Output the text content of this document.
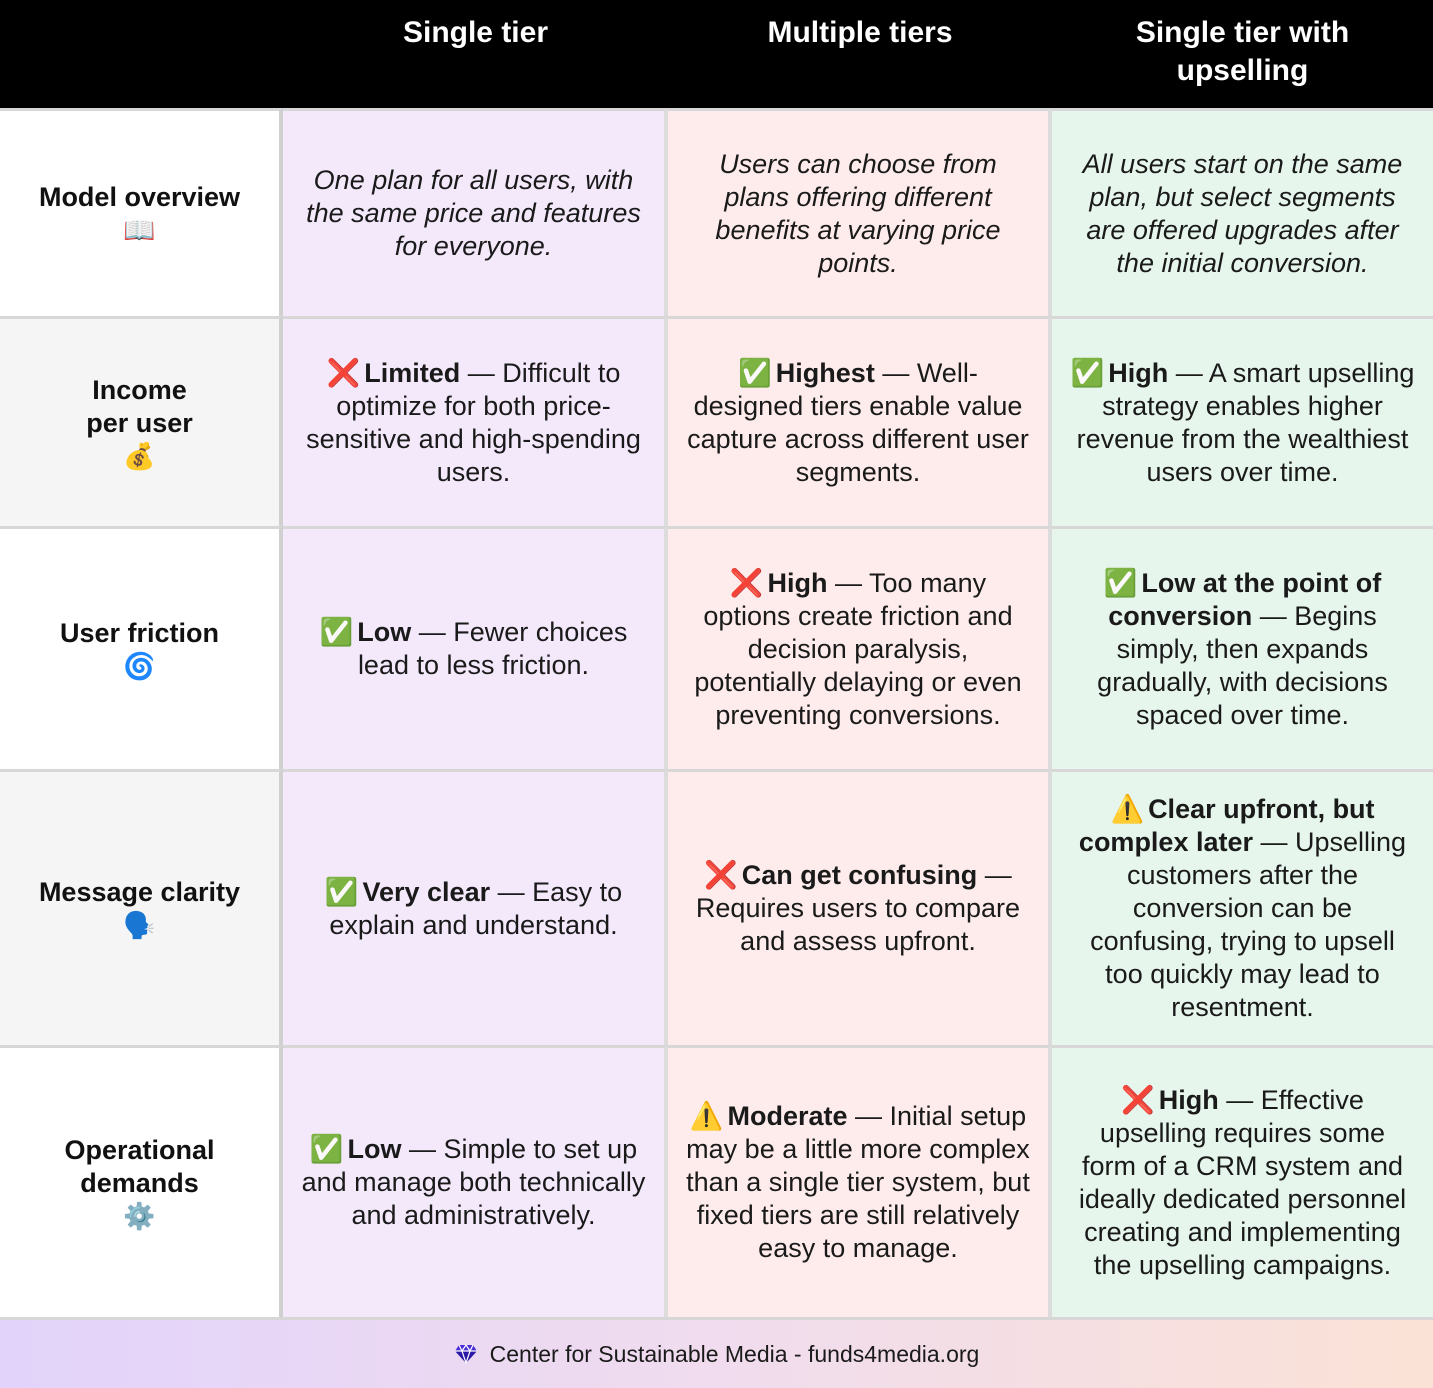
Single tier	Multiple tiers	Single tier with
upselling
Model overview
📖
One plan for all users, with the same price and features for everyone.
Users can choose from plans offering different benefits at varying price points.
All users start on the same plan, but select segments are offered upgrades after the initial conversion.
Income
per user
💰
❌ Limited — Difficult to optimize for both price-sensitive and high-spending users.
✅ Highest — Well-designed tiers enable value capture across different user segments.
✅ High — A smart upselling strategy enables higher revenue from the wealthiest users over time.
User friction
🌀
✅ Low — Fewer choices lead to less friction.
❌ High — Too many options create friction and decision paralysis, potentially delaying or even preventing conversions.
✅ Low at the point of conversion — Begins simply, then expands gradually, with decisions spaced over time.
Message clarity
🗣️
✅ Very clear — Easy to explain and understand.
❌ Can get confusing — Requires users to compare and assess upfront.
⚠️ Clear upfront, but complex later — Upselling customers after the conversion can be confusing, trying to upsell too quickly may lead to resentment.
Operational
demands
⚙️
✅ Low — Simple to set up and manage both technically and administratively.
⚠️ Moderate — Initial setup may be a little more complex than a single tier system, but fixed tiers are still relatively easy to manage.
❌ High — Effective upselling requires some form of a CRM system and ideally dedicated personnel creating and implementing the upselling campaigns.
Center for Sustainable Media - funds4media.org
